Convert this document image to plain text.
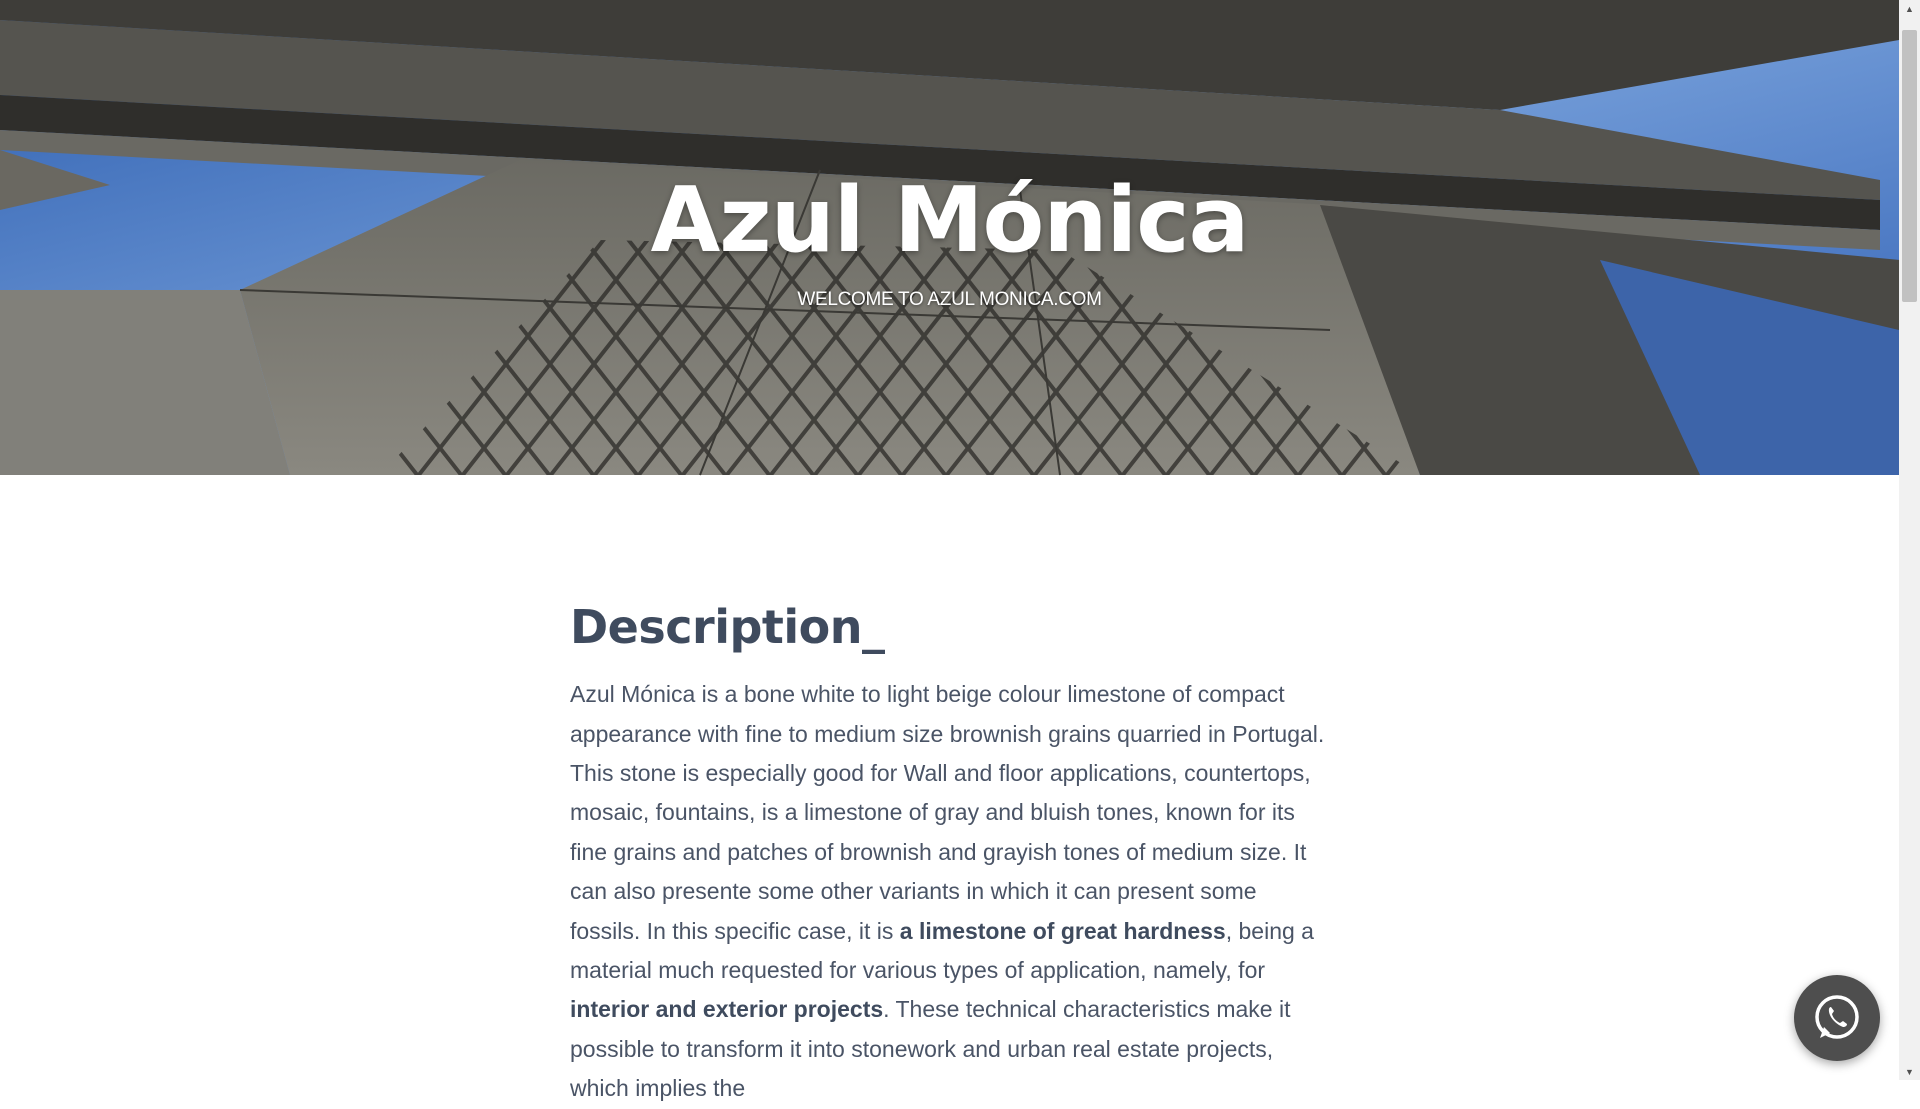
Azul Mónica

WELCOME TO AZUL MONICA.COM

Description_

Azul Mónica is a bone white to light beige colour limestone of compact appearance with fine to medium size brownish grains quarried in Portugal. This stone is especially good for Wall and floor applications, countertops, mosaic, fountains, is a limestone of gray and bluish tones, known for its fine grains and patches of brownish and grayish tones of medium size. It can also presente some other variants in which it can present some fossils. In this specific case, it is a limestone of great hardness, being a material much requested for various types of application, namely, for interior and exterior projects. These technical characteristics make it possible to transform it into stonework and urban real estate projects, which implies the

▲
▼
